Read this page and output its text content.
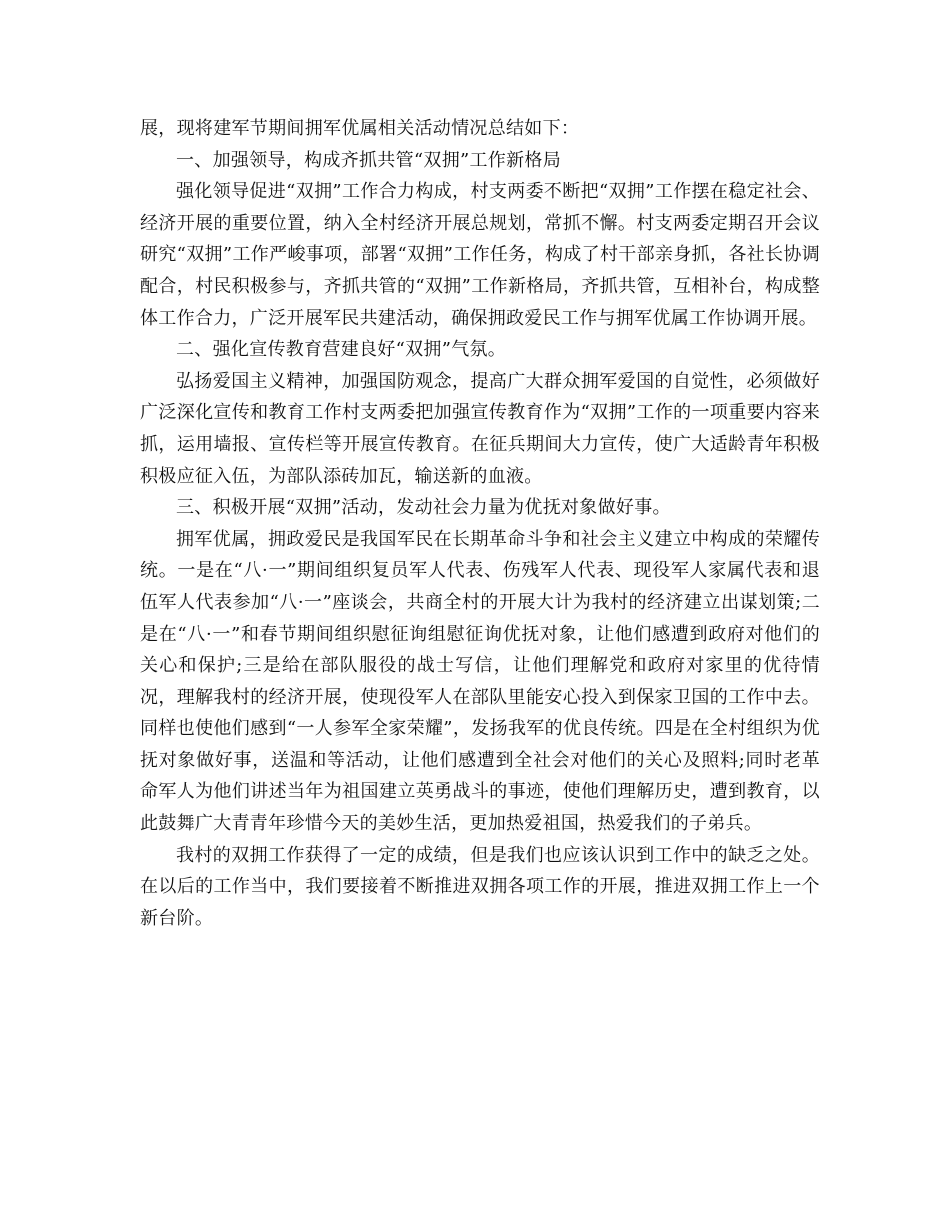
展，现将建军节期间拥军优属相关活动情况总结如下：

一、加强领导，构成齐抓共管“双拥”工作新格局

强化领导促进“双拥”工作合力构成，村支两委不断把“双拥”工作摆在稳定社会、经济开展的重要位置，纳入全村经济开展总规划，常抓不懈。村支两委定期召开会议研究“双拥”工作严峻事项，部署“双拥”工作任务，构成了村干部亲身抓，各社长协调配合，村民积极参与，齐抓共管的“双拥”工作新格局，齐抓共管，互相补台，构成整体工作合力，广泛开展军民共建活动，确保拥政爱民工作与拥军优属工作协调开展。

二、强化宣传教育营建良好“双拥”气氛。

弘扬爱国主义精神，加强国防观念，提高广大群众拥军爱国的自觉性，必须做好广泛深化宣传和教育工作村支两委把加强宣传教育作为“双拥”工作的一项重要内容来抓，运用墙报、宣传栏等开展宣传教育。在征兵期间大力宣传，使广大适龄青年积极积极应征入伍，为部队添砖加瓦，输送新的血液。

三、积极开展“双拥”活动，发动社会力量为优抚对象做好事。

拥军优属，拥政爱民是我国军民在长期革命斗争和社会主义建立中构成的荣耀传统。一是在“八·一”期间组织复员军人代表、伤残军人代表、现役军人家属代表和退伍军人代表参加“八·一”座谈会，共商全村的开展大计为我村的经济建立出谋划策;二是在“八·一”和春节期间组织慰征询组慰征询优抚对象，让他们感遭到政府对他们的关心和保护;三是给在部队服役的战士写信，让他们理解党和政府对家里的优待情况，理解我村的经济开展，使现役军人在部队里能安心投入到保家卫国的工作中去。同样也使他们感到“一人参军全家荣耀”，发扬我军的优良传统。四是在全村组织为优抚对象做好事，送温和等活动，让他们感遭到全社会对他们的关心及照料;同时老革命军人为他们讲述当年为祖国建立英勇战斗的事迹，使他们理解历史，遭到教育，以此鼓舞广大青青年珍惜今天的美妙生活，更加热爱祖国，热爱我们的子弟兵。

我村的双拥工作获得了一定的成绩，但是我们也应该认识到工作中的缺乏之处。在以后的工作当中，我们要接着不断推进双拥各项工作的开展，推进双拥工作上一个新台阶。
